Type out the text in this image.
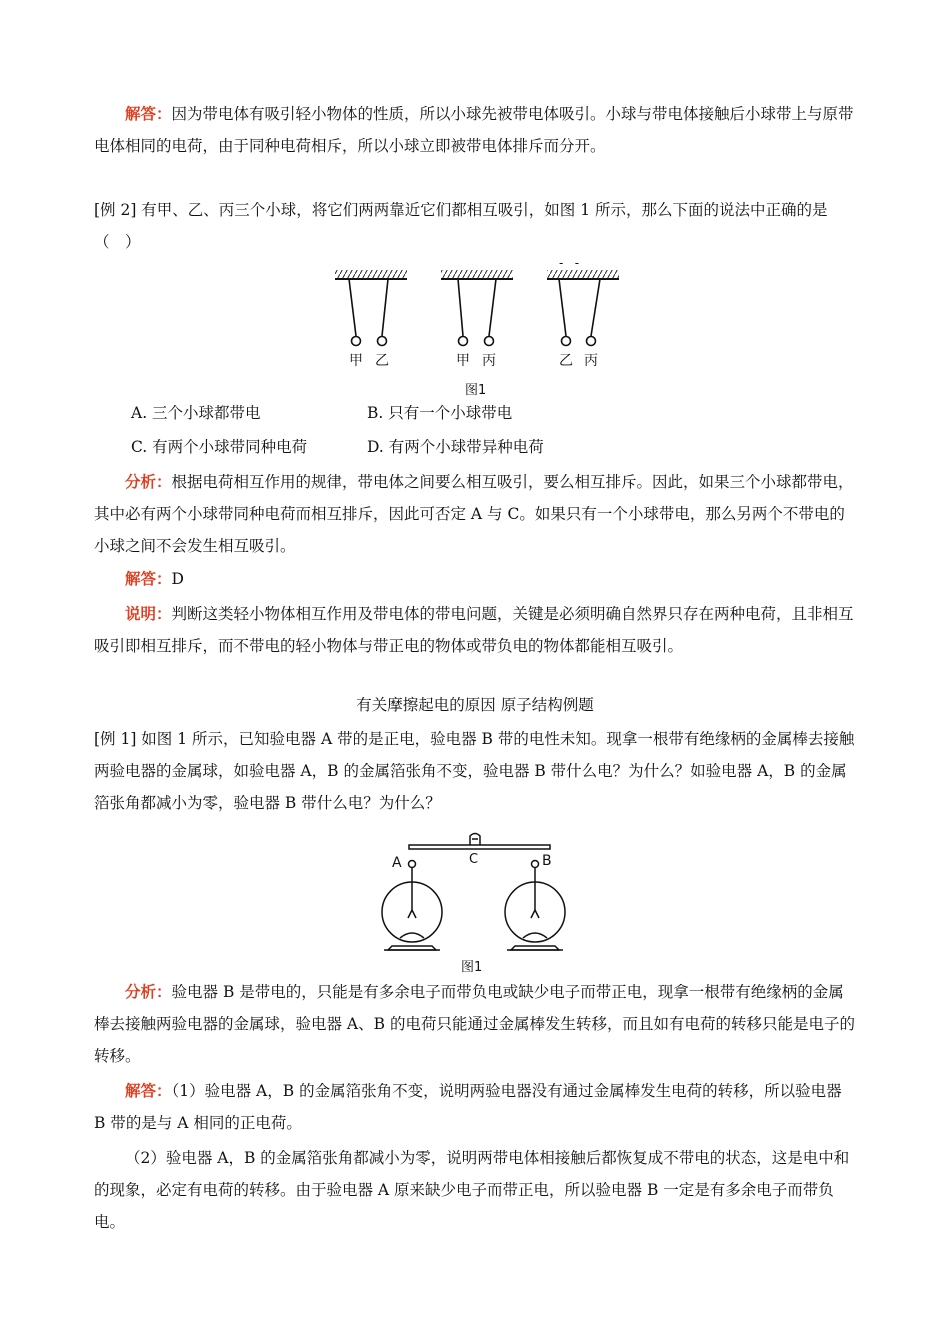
解答：因为带电体有吸引轻小物体的性质，所以小球先被带电体吸引。小球与带电体接触后小球带上与原带电体相同的电荷，由于同种电荷相斥，所以小球立即被带电体排斥而分开。

[例 2] 有甲、乙、丙三个小球，将它们两两靠近它们都相互吸引，如图 1 所示，那么下面的说法中正确的是（　）

-   -
甲 乙	甲 丙	乙 丙
图1
A. 三个小球都带电	B. 只有一个小球带电
C. 有两个小球带同种电荷	D. 有两个小球带异种电荷

分析：根据电荷相互作用的规律，带电体之间要么相互吸引，要么相互排斥。因此，如果三个小球都带电，其中必有两个小球带同种电荷而相互排斥，因此可否定 A 与 C。如果只有一个小球带电，那么另两个不带电的小球之间不会发生相互吸引。

解答：D

说明：判断这类轻小物体相互作用及带电体的带电问题，关键是必须明确自然界只存在两种电荷，且非相互吸引即相互排斥，而不带电的轻小物体与带正电的物体或带负电的物体都能相互吸引。

有关摩擦起电的原因 原子结构例题

[例 1] 如图 1 所示，已知验电器 A 带的是正电，验电器 B 带的电性未知。现拿一根带有绝缘柄的金属棒去接触两验电器的金属球，如验电器 A，B 的金属箔张角不变，验电器 B 带什么电？为什么？如验电器 A，B 的金属箔张角都减小为零，验电器 B 带什么电？为什么？

C
A	B
图1

分析：验电器 B 是带电的，只能是有多余电子而带负电或缺少电子而带正电，现拿一根带有绝缘柄的金属棒去接触两验电器的金属球，验电器 A、B 的电荷只能通过金属棒发生转移，而且如有电荷的转移只能是电子的转移。

解答：（1）验电器 A，B 的金属箔张角不变，说明两验电器没有通过金属棒发生电荷的转移，所以验电器 B 带的是与 A 相同的正电荷。

（2）验电器 A，B 的金属箔张角都减小为零，说明两带电体相接触后都恢复成不带电的状态，这是电中和的现象，必定有电荷的转移。由于验电器 A 原来缺少电子而带正电，所以验电器 B 一定是有多余电子而带负电。
